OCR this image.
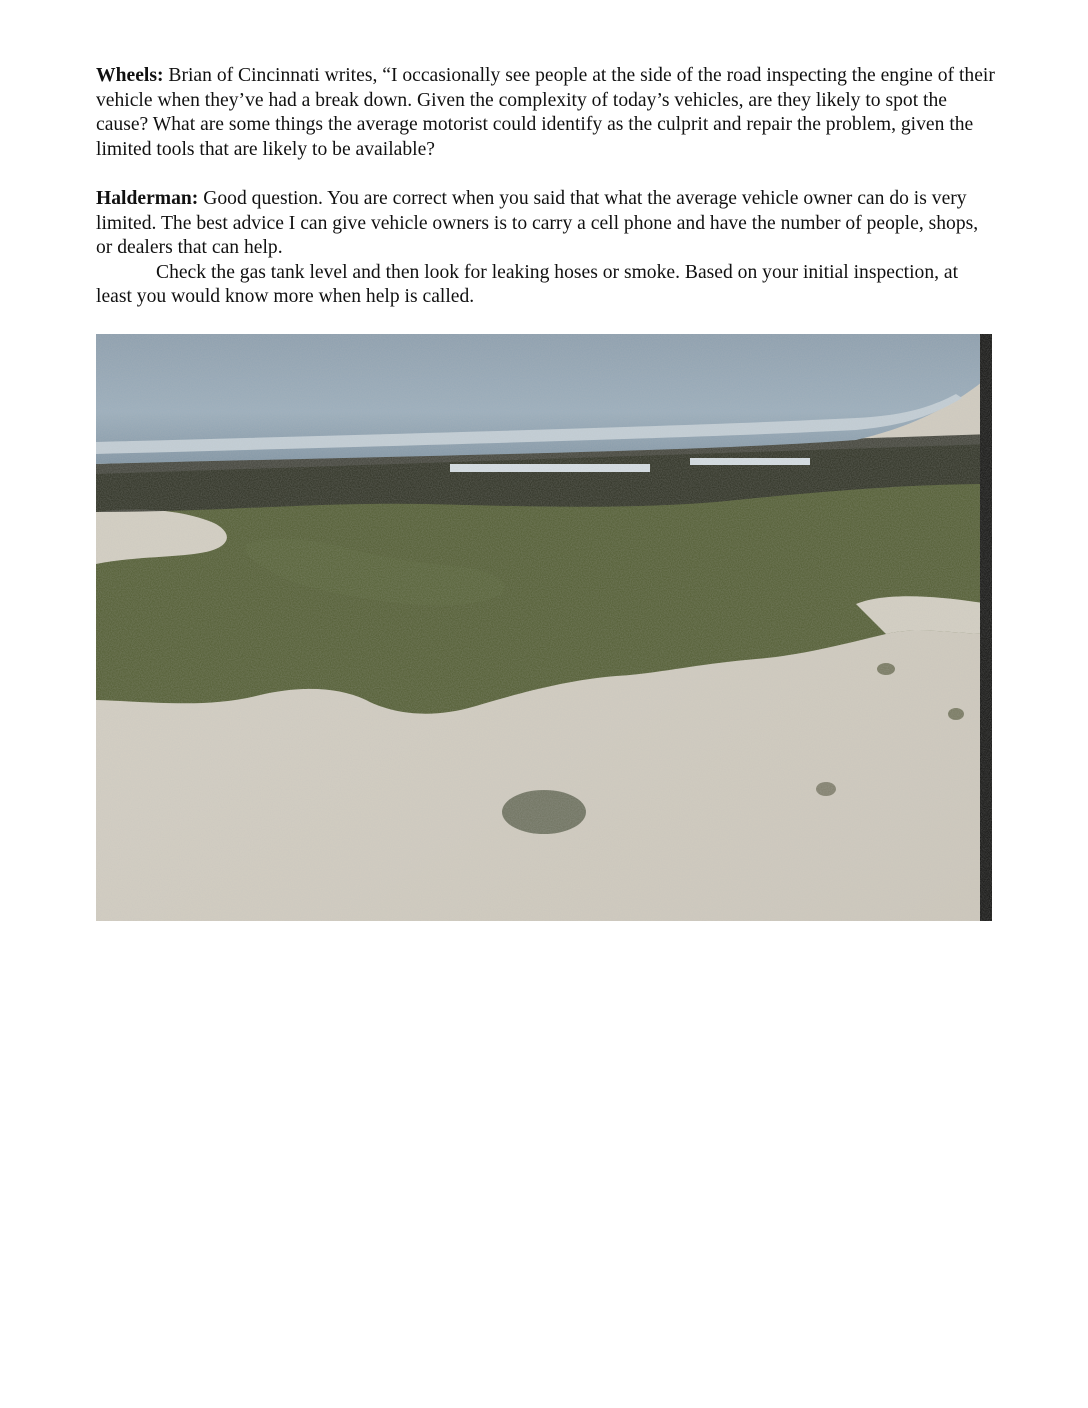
Wheels: Brian of Cincinnati writes, “I occasionally see people at the side of the road inspecting the engine of their vehicle when they’ve had a break down. Given the complexity of today’s vehicles, are they likely to spot the cause? What are some things the average motorist could identify as the culprit and repair the problem, given the limited tools that are likely to be available?

Halderman: Good question. You are correct when you said that what the average vehicle owner can do is very limited. The best advice I can give vehicle owners is to carry a cell phone and have the number of people, shops, or dealers that can help.

Check the gas tank level and then look for leaking hoses or smoke. Based on your initial inspection, at least you would know more when help is called.
